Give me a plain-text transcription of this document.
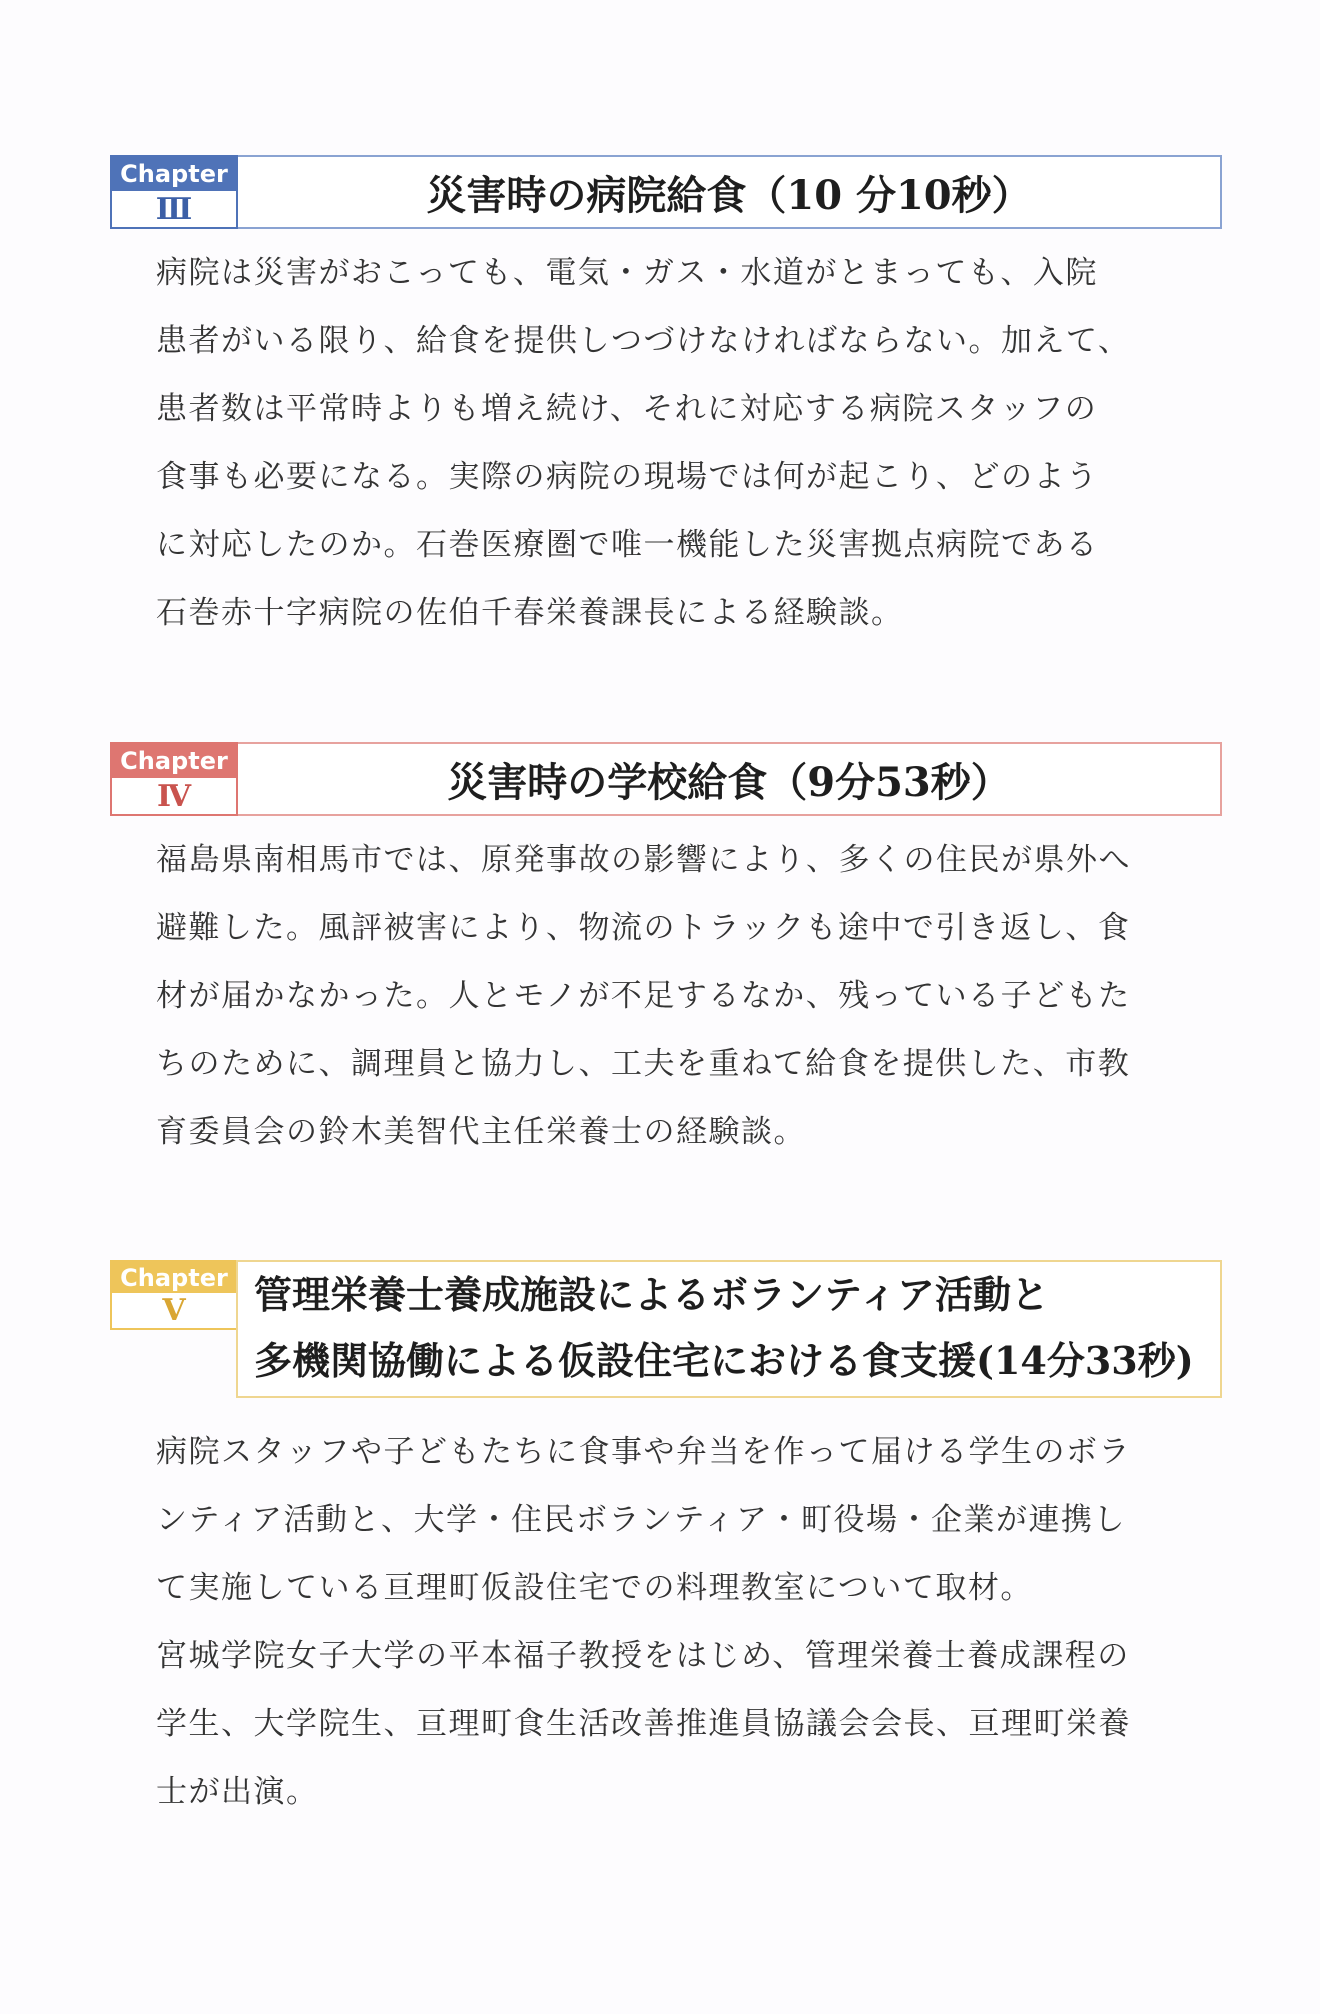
Chapter
Ⅲ	災害時の病院給食（10 分10秒）

病院は災害がおこっても、電気・ガス・水道がとまっても、入院
患者がいる限り、給食を提供しつづけなければならない。加えて、
患者数は平常時よりも増え続け、それに対応する病院スタッフの
食事も必要になる。実際の病院の現場では何が起こり、どのよう
に対応したのか。石巻医療圏で唯一機能した災害拠点病院である
石巻赤十字病院の佐伯千春栄養課長による経験談。

Chapter
Ⅳ	災害時の学校給食（9分53秒）

福島県南相馬市では、原発事故の影響により、多くの住民が県外へ
避難した。風評被害により、物流のトラックも途中で引き返し、食
材が届かなかった。人とモノが不足するなか、残っている子どもた
ちのために、調理員と協力し、工夫を重ねて給食を提供した、市教
育委員会の鈴木美智代主任栄養士の経験談。

Chapter
Ⅴ	管理栄養士養成施設によるボランティア活動と
多機関協働による仮設住宅における食支援(14分33秒)

病院スタッフや子どもたちに食事や弁当を作って届ける学生のボラ
ンティア活動と、大学・住民ボランティア・町役場・企業が連携し
て実施している亘理町仮設住宅での料理教室について取材。

宮城学院女子大学の平本福子教授をはじめ、管理栄養士養成課程の
学生、大学院生、亘理町食生活改善推進員協議会会長、亘理町栄養
士が出演。
